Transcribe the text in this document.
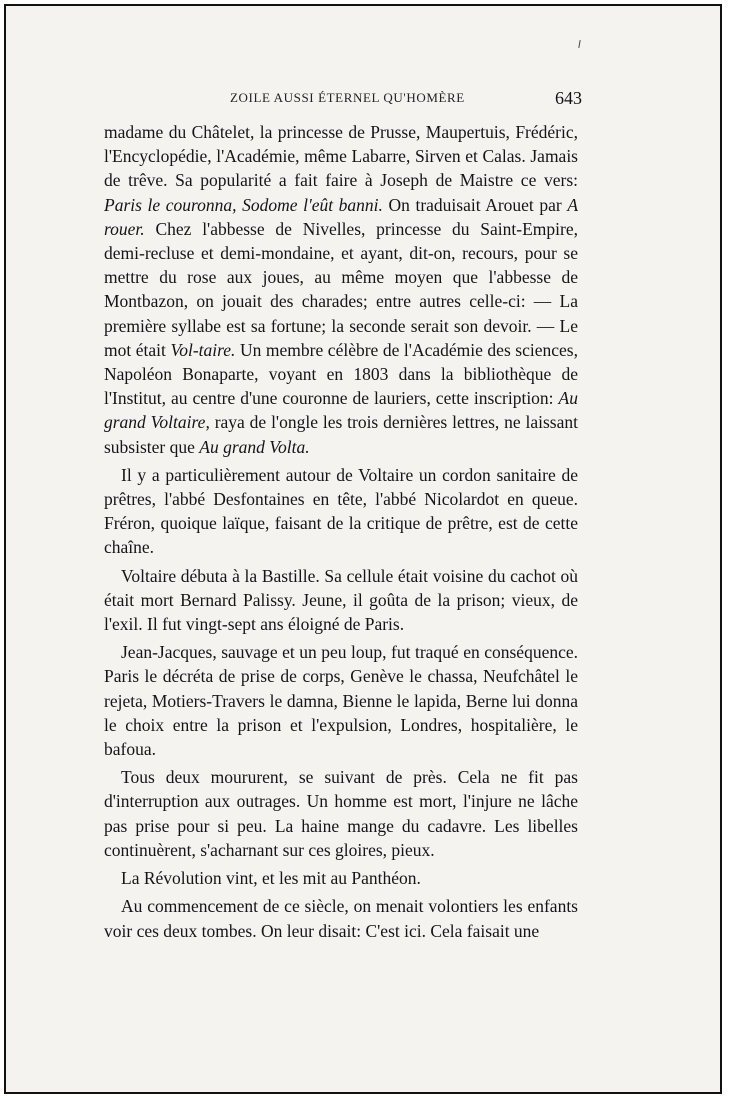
ZOILE AUSSI ÉTERNEL QU'HOMÈRE	643

madame du Châtelet, la princesse de Prusse, Maupertuis, Frédéric, l'Encyclopédie, l'Académie, même Labarre, Sirven et Calas. Jamais de trêve. Sa popularité a fait faire à Joseph de Maistre ce vers: Paris le couronna, Sodome l'eût banni. On traduisait Arouet par A rouer. Chez l'abbesse de Nivelles, princesse du Saint-Empire, demi-recluse et demi-mondaine, et ayant, dit-on, recours, pour se mettre du rose aux joues, au même moyen que l'abbesse de Montbazon, on jouait des charades; entre autres celle-ci: — La première syllabe est sa fortune; la seconde serait son devoir. — Le mot était Vol-taire. Un membre célèbre de l'Académie des sciences, Napoléon Bonaparte, voyant en 1803 dans la bibliothèque de l'Institut, au centre d'une couronne de lauriers, cette inscription: Au grand Voltaire, raya de l'ongle les trois dernières lettres, ne laissant subsister que Au grand Volta.

Il y a particulièrement autour de Voltaire un cordon sanitaire de prêtres, l'abbé Desfontaines en tête, l'abbé Nicolardot en queue. Fréron, quoique laïque, faisant de la critique de prêtre, est de cette chaîne.

Voltaire débuta à la Bastille. Sa cellule était voisine du cachot où était mort Bernard Palissy. Jeune, il goûta de la prison; vieux, de l'exil. Il fut vingt-sept ans éloigné de Paris.

Jean-Jacques, sauvage et un peu loup, fut traqué en conséquence. Paris le décréta de prise de corps, Genève le chassa, Neufchâtel le rejeta, Motiers-Travers le damna, Bienne le lapida, Berne lui donna le choix entre la prison et l'expulsion, Londres, hospitalière, le bafoua.

Tous deux moururent, se suivant de près. Cela ne fit pas d'interruption aux outrages. Un homme est mort, l'injure ne lâche pas prise pour si peu. La haine mange du cadavre. Les libelles continuèrent, s'acharnant sur ces gloires, pieux.

La Révolution vint, et les mit au Panthéon.

Au commencement de ce siècle, on menait volontiers les enfants voir ces deux tombes. On leur disait: C'est ici. Cela faisait une
